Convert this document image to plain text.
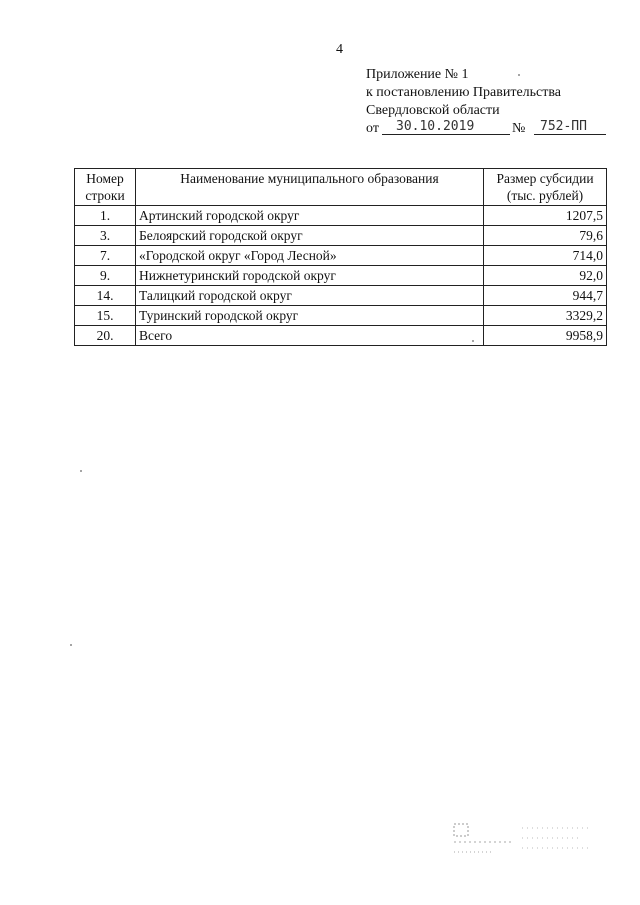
4
Приложение № 1
к постановлению Правительства
Свердловской области
от 30.10.2019	№ 752-ПП
Номер строки	Наименование муниципального образования	Размер субсидии (тыс. рублей)
1.	Артинский городской округ	1207,5
3.	Белоярский городской округ	79,6
7.	«Городской округ «Город Лесной»	714,0
9.	Нижнетуринский городской округ	92,0
14.	Талицкий городской округ	944,7
15.	Туринский городской округ	3329,2
20.	Всего	9958,9
